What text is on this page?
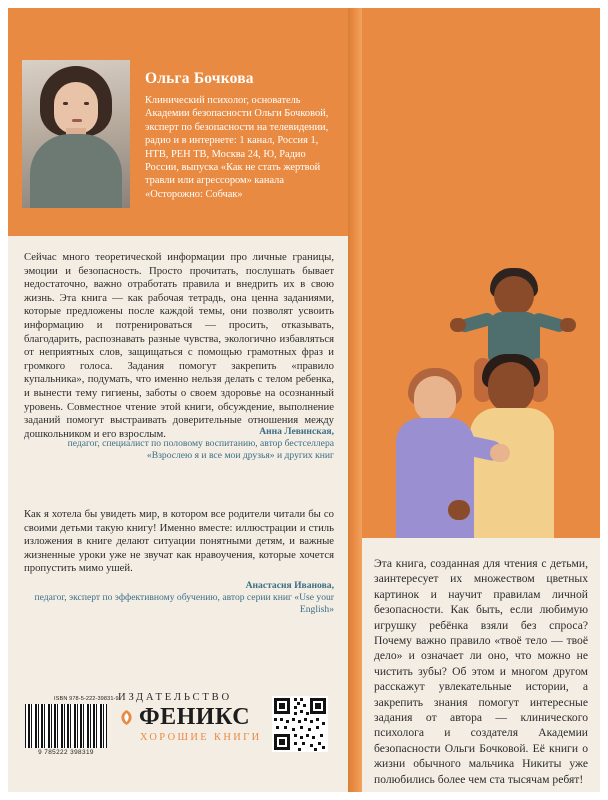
Ольга Бочкова
Клинический психолог, основатель Академии безопасности Ольги Бочковой, эксперт по безопасности на телевидении, радио и в интернете: 1 канал, Россия 1, НТВ, РЕН ТВ, Москва 24, Ю, Радио России, выпуска «Как не стать жертвой травли или агрессором» канала «Осторожно: Собчак»
Сейчас много теоретической информации про личные границы, эмоции и безопасность. Просто прочитать, послушать бывает недостаточно, важно отработать правила и внедрить их в свою жизнь. Эта книга — как рабочая тетрадь, она ценна заданиями, которые предложены после каждой темы, они позволят усвоить информацию и потренироваться — просить, отказывать, благодарить, распознавать разные чувства, экологично избавляться от неприятных слов, защищаться с помощью грамотных фраз и громкого голоса. Задания помогут закрепить «правило купальника», подумать, что именно нельзя делать с телом ребенка, и вынести тему гигиены, заботы о своем здоровье на осознанный уровень. Совместное чтение этой книги, обсуждение, выполнение заданий помогут выстраивать доверительные отношения между дошкольником и его взрослым.	Анна Левинская,
педагог, специалист по половому воспитанию, автор бестселлера «Взрослею я и все мои друзья» и других книг
Как я хотела бы увидеть мир, в котором все родители читали бы со своими детьми такую книгу! Именно вместе: иллюстрации и стиль изложения в книге делают ситуации понятными детям, и важные жизненные уроки уже не звучат как нравоучения, которые хочется пропустить мимо ушей.
Анастасия Иванова,
педагог, эксперт по эффективному обучению, автор серии книг «Use your English»
ISBN 978-5-222-39831-9
9 785222 398319
ИЗДАТЕЛЬСТВО
ФЕНИКС
ХОРОШИЕ КНИГИ
Эта книга, созданная для чтения с детьми, заинтересует их множеством цветных картинок и научит правилам личной безопасности. Как быть, если любимую игрушку ребёнка взяли без спроса? Почему важно правило «твоё тело — твоё дело» и означает ли оно, что можно не чистить зубы? Об этом и многом другом расскажут увлекательные истории, а закрепить знания помогут интересные задания от автора — клинического психолога и создателя Академии безопасности Ольги Бочковой. Её книги о жизни обычного мальчика Никиты уже полюбились более чем ста тысячам ребят!
